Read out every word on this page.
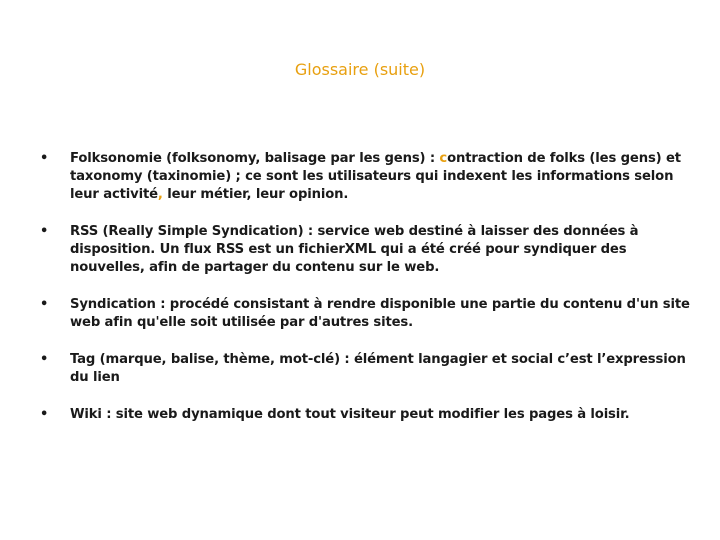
Glossaire (suite)
• Folksonomie (folksonomy, balisage par les gens) : contraction de folks (les gens) et taxonomy (taxinomie) ; ce sont les utilisateurs qui indexent les informations selon leur activité, leur métier, leur opinion.
• RSS (Really Simple Syndication) : service web destiné à laisser des données à disposition. Un flux RSS est un fichierXML qui a été créé pour syndiquer des nouvelles, afin de partager du contenu sur le web.
• Syndication : procédé consistant à rendre disponible une partie du contenu d'un site web afin qu'elle soit utilisée par d'autres sites.
• Tag (marque, balise, thème, mot-clé) : élément langagier et social c’est l’expression du lien
• Wiki : site web dynamique dont tout visiteur peut modifier les pages à loisir.
